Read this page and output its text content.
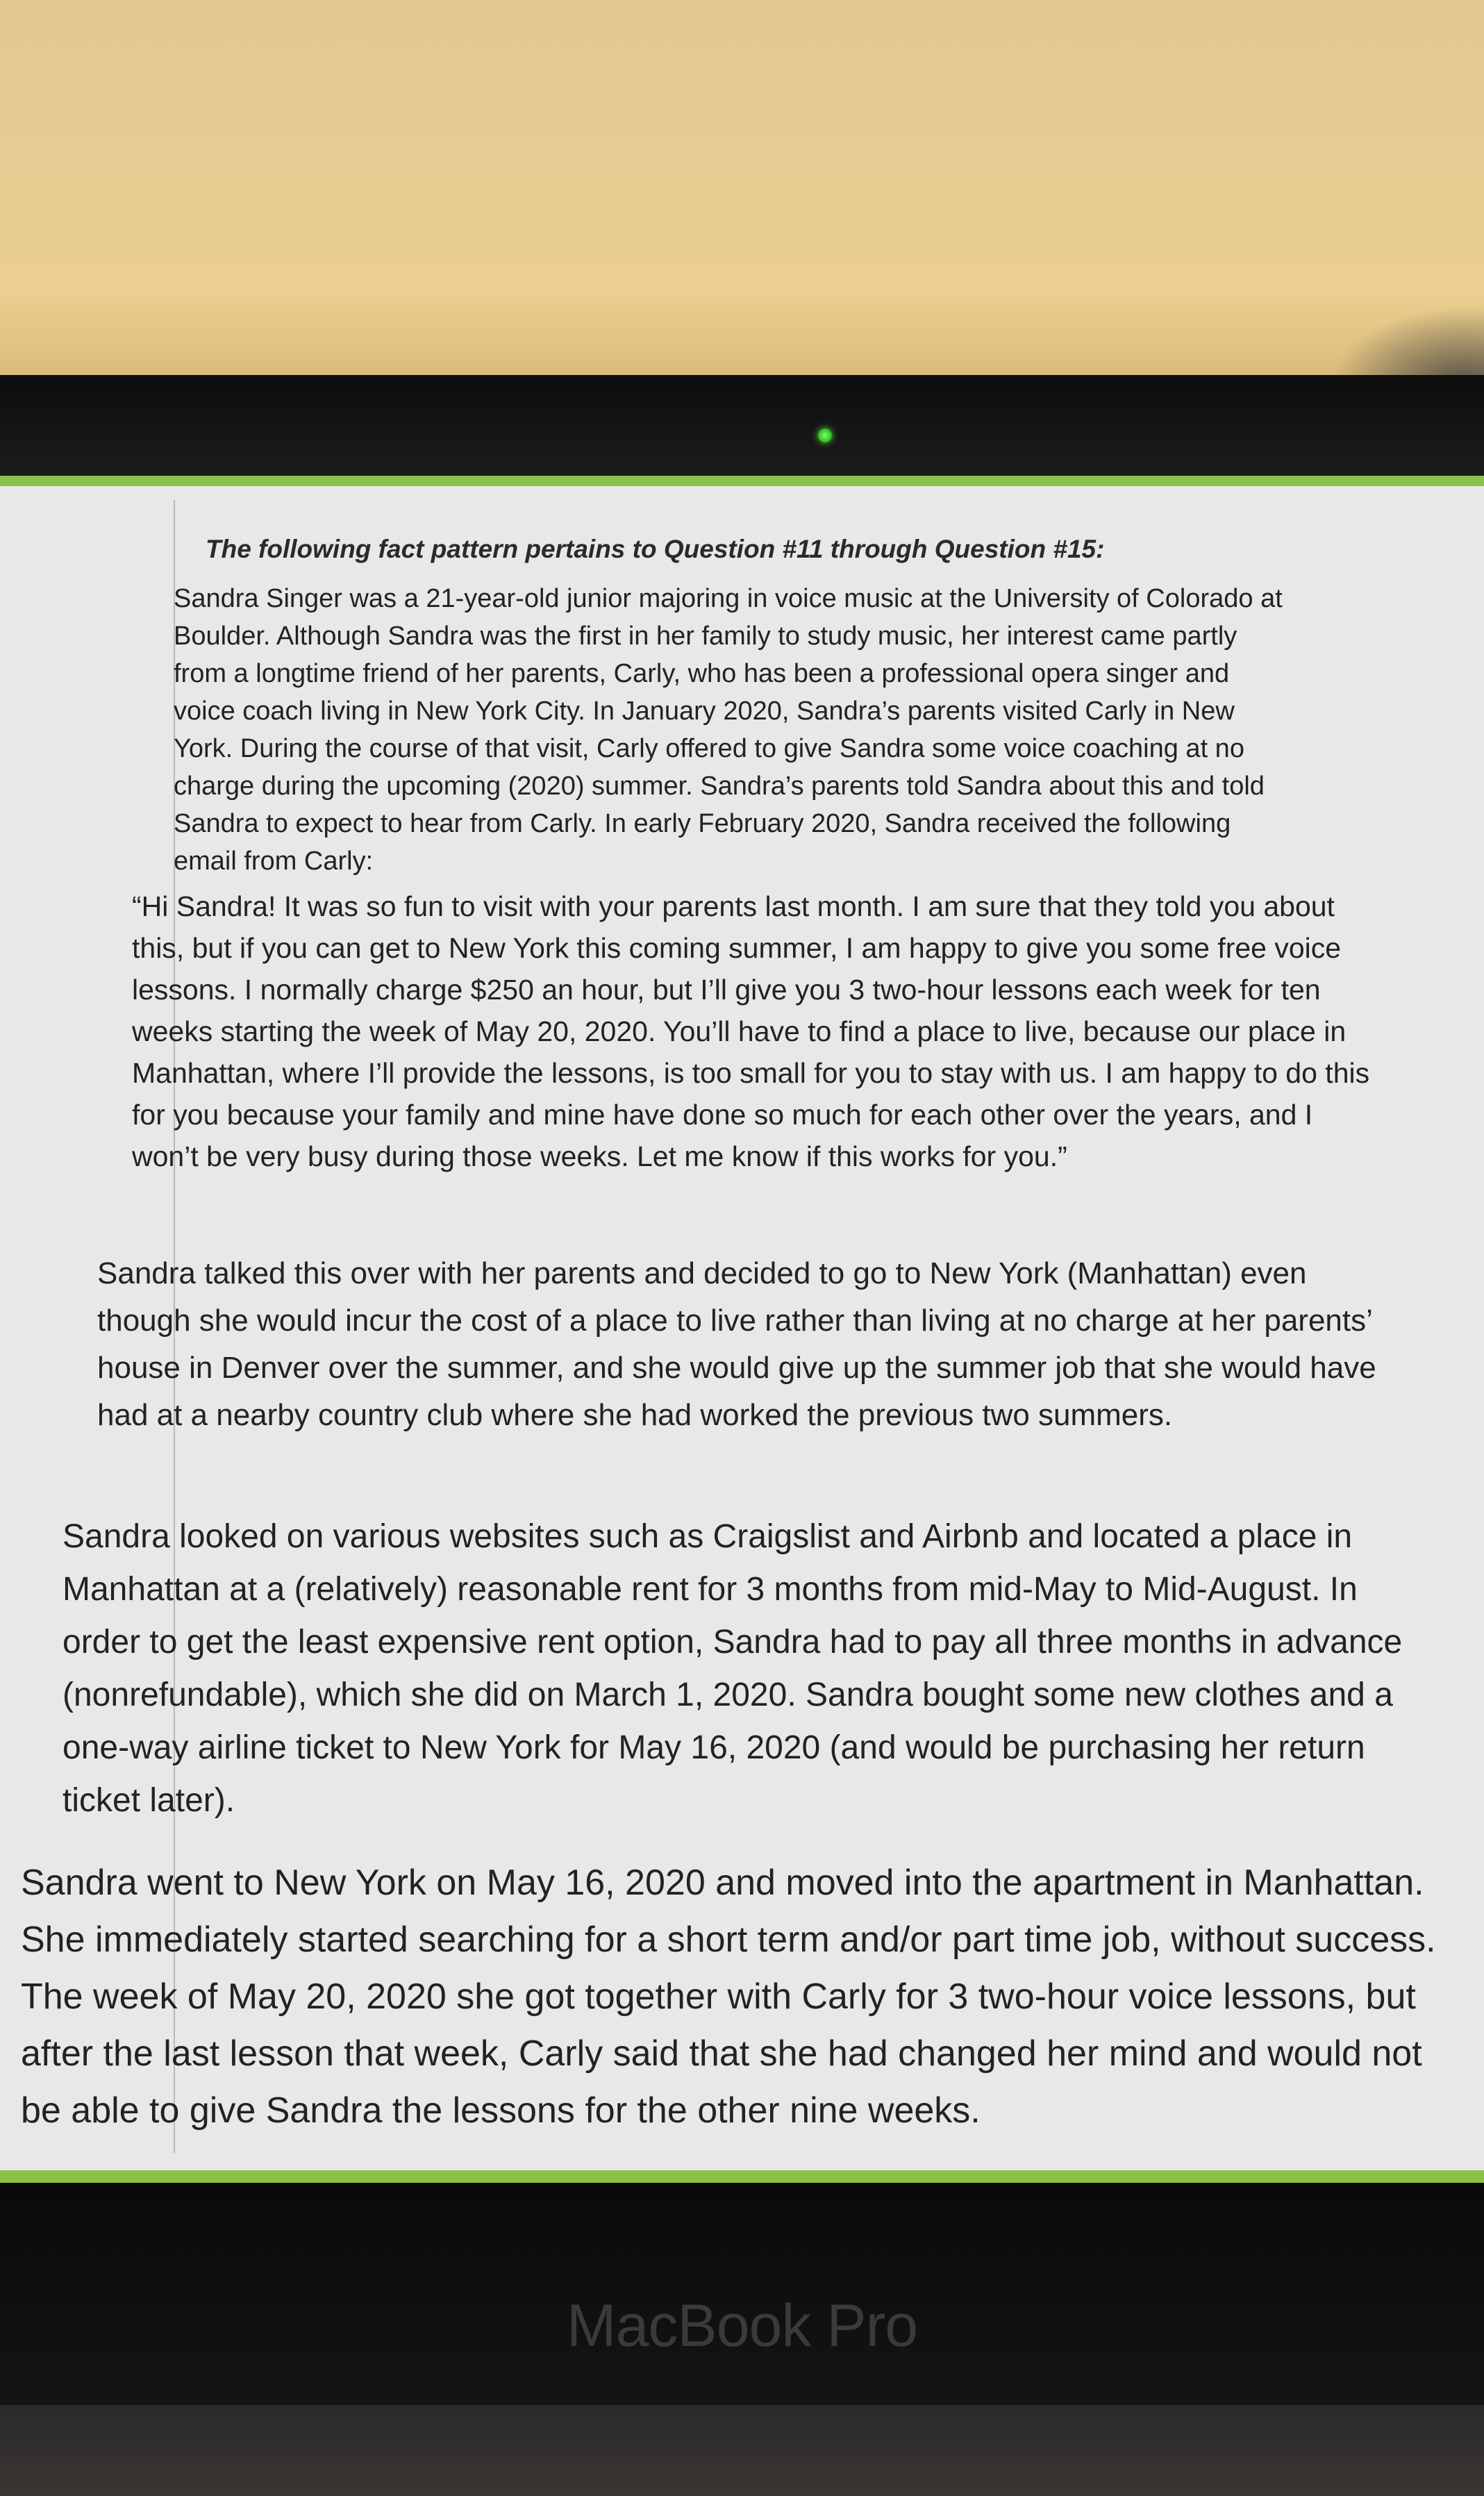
The following fact pattern pertains to Question #11 through Question #15:
Sandra Singer was a 21-year-old junior majoring in voice music at the University of Colorado at Boulder. Although Sandra was the first in her family to study music, her interest came partly from a longtime friend of her parents, Carly, who has been a professional opera singer and voice coach living in New York City. In January 2020, Sandra’s parents visited Carly in New York. During the course of that visit, Carly offered to give Sandra some voice coaching at no charge during the upcoming (2020) summer. Sandra’s parents told Sandra about this and told Sandra to expect to hear from Carly. In early February 2020, Sandra received the following email from Carly:
“Hi Sandra! It was so fun to visit with your parents last month. I am sure that they told you about this, but if you can get to New York this coming summer, I am happy to give you some free voice lessons. I normally charge $250 an hour, but I’ll give you 3 two-hour lessons each week for ten weeks starting the week of May 20, 2020. You’ll have to find a place to live, because our place in Manhattan, where I’ll provide the lessons, is too small for you to stay with us. I am happy to do this for you because your family and mine have done so much for each other over the years, and I won’t be very busy during those weeks. Let me know if this works for you.”
Sandra talked this over with her parents and decided to go to New York (Manhattan) even though she would incur the cost of a place to live rather than living at no charge at her parents’ house in Denver over the summer, and she would give up the summer job that she would have had at a nearby country club where she had worked the previous two summers.
Sandra looked on various websites such as Craigslist and Airbnb and located a place in Manhattan at a (relatively) reasonable rent for 3 months from mid-May to Mid-August. In order to get the least expensive rent option, Sandra had to pay all three months in advance (nonrefundable), which she did on March 1, 2020. Sandra bought some new clothes and a one-way airline ticket to New York for May 16, 2020 (and would be purchasing her return ticket later).
Sandra went to New York on May 16, 2020 and moved into the apartment in Manhattan. She immediately started searching for a short term and/or part time job, without success. The week of May 20, 2020 she got together with Carly for 3 two-hour voice lessons, but after the last lesson that week, Carly said that she had changed her mind and would not be able to give Sandra the lessons for the other nine weeks.
MacBook Pro
